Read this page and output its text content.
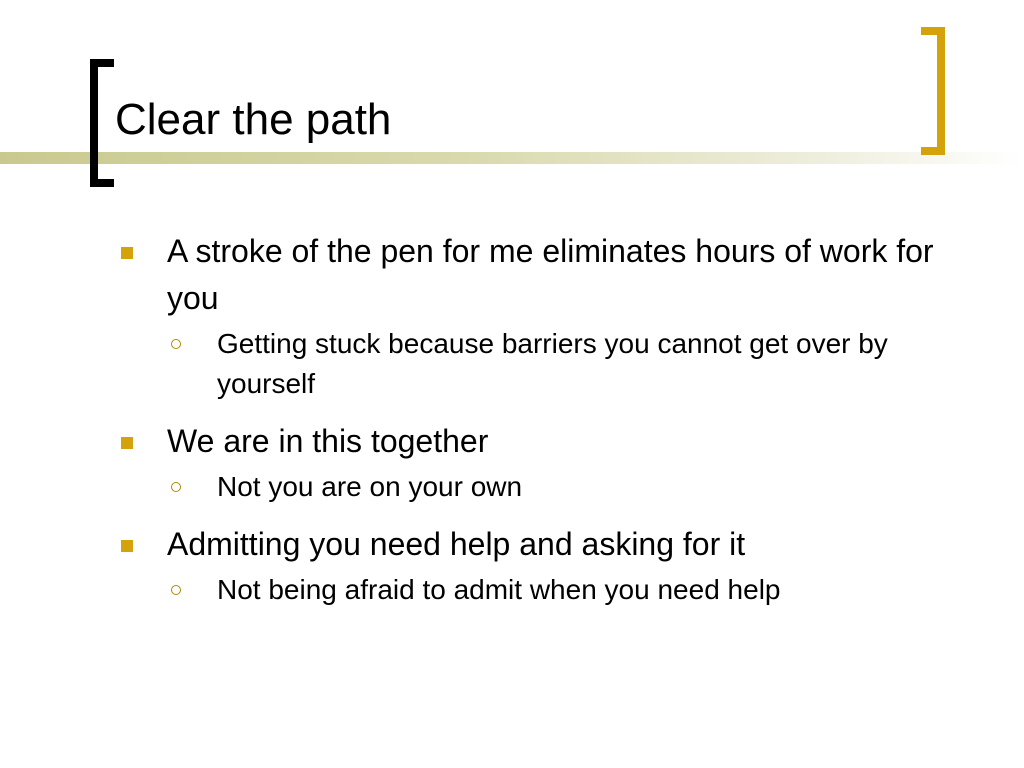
Clear the path
A stroke of the pen for me eliminates hours of work for you
Getting stuck because barriers you cannot get over by yourself
We are in this together
Not you are on your own
Admitting you need help and asking for it
Not being afraid to admit when you need help
